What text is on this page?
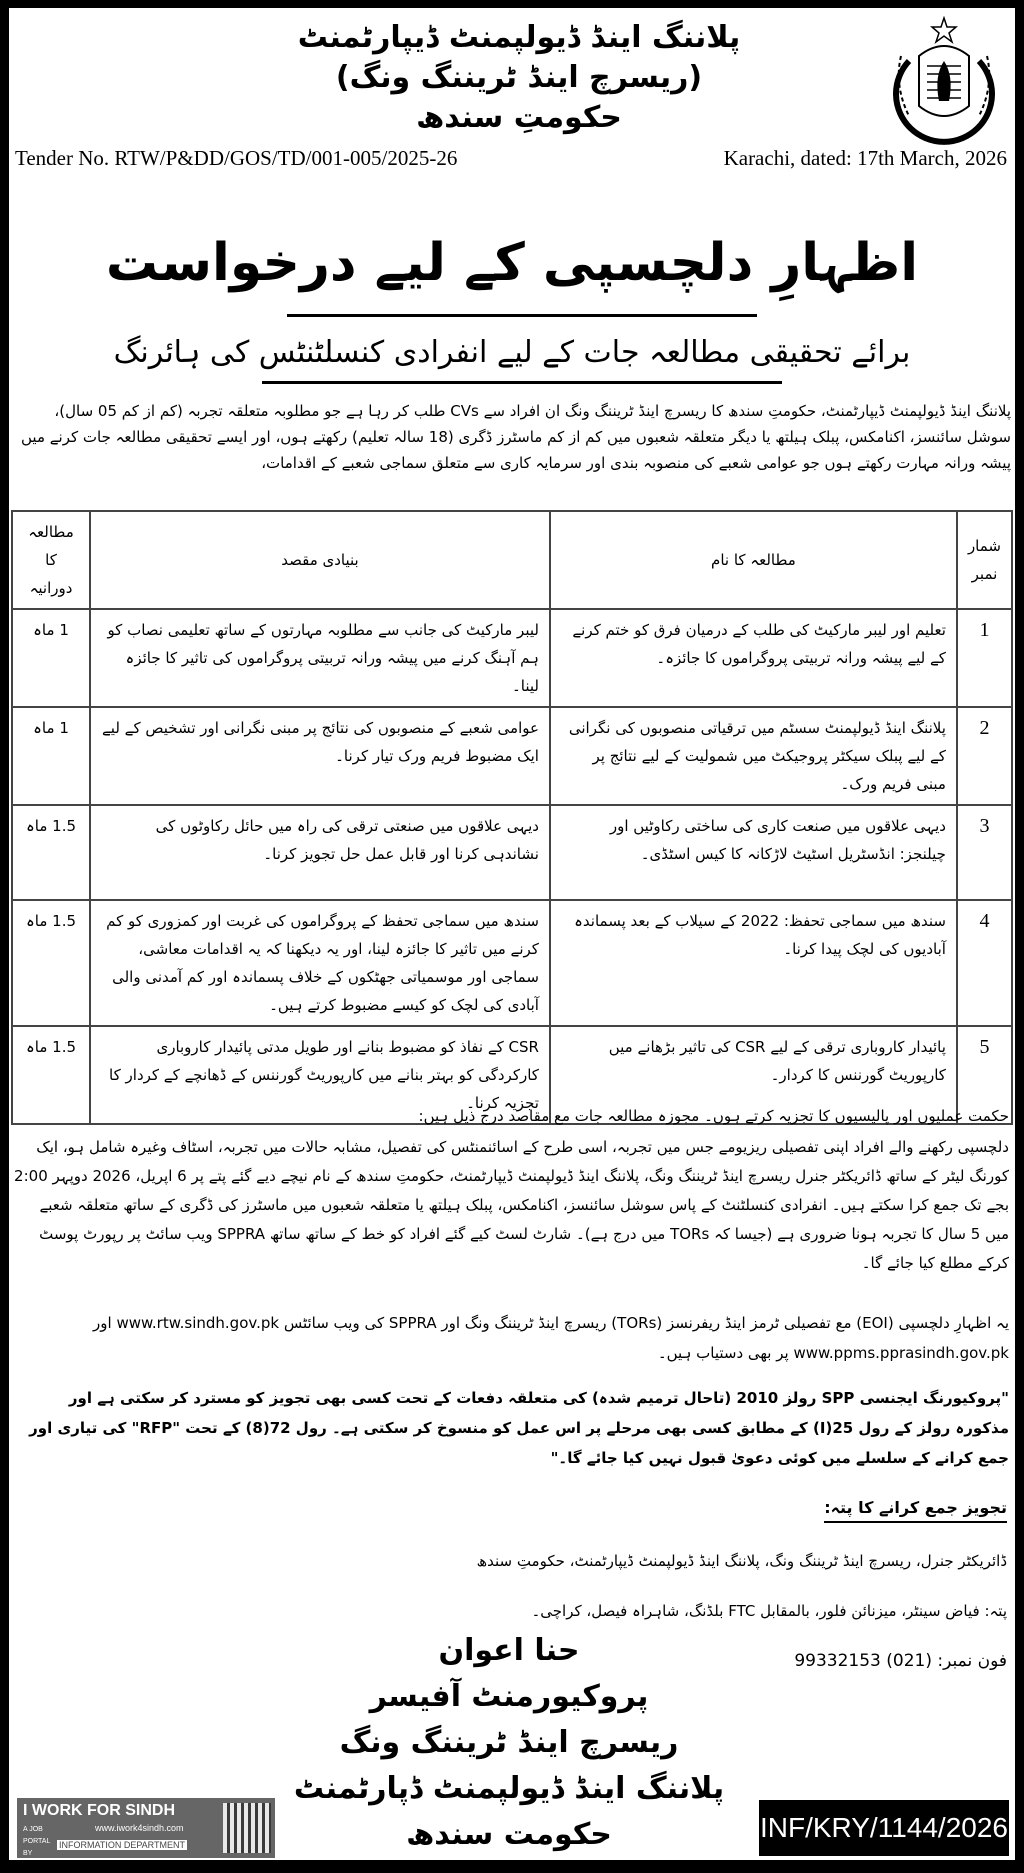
پلاننگ اینڈ ڈیولپمنٹ ڈیپارٹمنٹ
(ریسرچ اینڈ ٹریننگ ونگ)
حکومتِ سندھ
Tender No. RTW/P&DD/GOS/TD/001-005/2025-26	Karachi, dated: 17th March, 2026
اظہارِ دلچسپی کے لیے درخواست
برائے تحقیقی مطالعہ جات کے لیے انفرادی کنسلٹنٹس کی ہائرنگ
پلاننگ اینڈ ڈیولپمنٹ ڈیپارٹمنٹ، حکومتِ سندھ کا ریسرچ اینڈ ٹریننگ ونگ ان افراد سے CVs طلب کر رہا ہے جو مطلوبہ متعلقہ تجربہ (کم از کم 05 سال)، سوشل سائنسز، اکنامکس، پبلک ہیلتھ یا دیگر متعلقہ شعبوں میں کم از کم ماسٹرز ڈگری (18 سالہ تعلیم) رکھتے ہوں، اور ایسے تحقیقی مطالعہ جات کرنے میں پیشہ ورانہ مہارت رکھتے ہوں جو عوامی شعبے کی منصوبہ بندی اور سرمایہ کاری سے متعلق سماجی شعبے کے اقدامات،
شمار نمبر	مطالعہ کا نام	بنیادی مقصد	مطالعہ کا دورانیہ
1	تعلیم اور لیبر مارکیٹ کی طلب کے درمیان فرق کو ختم کرنے کے لیے پیشہ ورانہ تربیتی پروگراموں کا جائزہ۔	لیبر مارکیٹ کی جانب سے مطلوبہ مہارتوں کے ساتھ تعلیمی نصاب کو ہم آہنگ کرنے میں پیشہ ورانہ تربیتی پروگراموں کی تاثیر کا جائزہ لینا۔	1 ماہ
2	پلاننگ اینڈ ڈیولپمنٹ سسٹم میں ترقیاتی منصوبوں کی نگرانی کے لیے پبلک سیکٹر پروجیکٹ میں شمولیت کے لیے نتائج پر مبنی فریم ورک۔	عوامی شعبے کے منصوبوں کی نتائج پر مبنی نگرانی اور تشخیص کے لیے ایک مضبوط فریم ورک تیار کرنا۔	1 ماہ
3	دیہی علاقوں میں صنعت کاری کی ساختی رکاوٹیں اور چیلنجز: انڈسٹریل اسٹیٹ لاڑکانہ کا کیس اسٹڈی۔	دیہی علاقوں میں صنعتی ترقی کی راہ میں حائل رکاوٹوں کی نشاندہی کرنا اور قابل عمل حل تجویز کرنا۔	1.5 ماہ
4	سندھ میں سماجی تحفظ: 2022 کے سیلاب کے بعد پسماندہ آبادیوں کی لچک پیدا کرنا۔	سندھ میں سماجی تحفظ کے پروگراموں کی غربت اور کمزوری کو کم کرنے میں تاثیر کا جائزہ لینا، اور یہ دیکھنا کہ یہ اقدامات معاشی، سماجی اور موسمیاتی جھٹکوں کے خلاف پسماندہ اور کم آمدنی والی آبادی کی لچک کو کیسے مضبوط کرتے ہیں۔	1.5 ماہ
5	پائیدار کاروباری ترقی کے لیے CSR کی تاثیر بڑھانے میں کارپوریٹ گورننس کا کردار۔	CSR کے نفاذ کو مضبوط بنانے اور طویل مدتی پائیدار کاروباری کارکردگی کو بہتر بنانے میں کارپوریٹ گورننس کے ڈھانچے کے کردار کا تجزیہ کرنا۔	1.5 ماہ
حکمت عملیوں اور پالیسیوں کا تجزیہ کرتے ہوں۔ مجوزہ مطالعہ جات مع مقاصد درج ذیل ہیں:
دلچسپی رکھنے والے افراد اپنی تفصیلی ریزیومے جس میں تجربہ، اسی طرح کے اسائنمنٹس کی تفصیل، مشابہ حالات میں تجربہ، اسٹاف وغیرہ شامل ہو، ایک کورنگ لیٹر کے ساتھ ڈائریکٹر جنرل ریسرچ اینڈ ٹریننگ ونگ، پلاننگ اینڈ ڈیولپمنٹ ڈیپارٹمنٹ، حکومتِ سندھ کے نام نیچے دیے گئے پتے پر 6 اپریل، 2026 دوپہر 2:00 بجے تک جمع کرا سکتے ہیں۔ انفرادی کنسلٹنٹ کے پاس سوشل سائنسز، اکنامکس، پبلک ہیلتھ یا متعلقہ شعبوں میں ماسٹرز کی ڈگری کے ساتھ متعلقہ شعبے میں 5 سال کا تجربہ ہونا ضروری ہے (جیسا کہ TORs میں درج ہے)۔ شارٹ لسٹ کیے گئے افراد کو خط کے ساتھ ساتھ SPPRA ویب سائٹ پر رپورٹ پوسٹ کرکے مطلع کیا جائے گا۔
یہ اظہارِ دلچسپی (EOI) مع تفصیلی ٹرمز اینڈ ریفرنسز (TORs) ریسرچ اینڈ ٹریننگ ونگ اور SPPRA کی ویب سائٹس www.rtw.sindh.gov.pk اور www.ppms.pprasindh.gov.pk پر بھی دستیاب ہیں۔
"پروکیورنگ ایجنسی SPP رولز 2010 (تاحال ترمیم شدہ) کی متعلقہ دفعات کے تحت کسی بھی تجویز کو مسترد کر سکتی ہے اور مذکورہ رولز کے رول 25(I) کے مطابق کسی بھی مرحلے پر اس عمل کو منسوخ کر سکتی ہے۔ رول 72(8) کے تحت "RFP" کی تیاری اور جمع کرانے کے سلسلے میں کوئی دعویٰ قبول نہیں کیا جائے گا۔"
تجویز جمع کرانے کا پتہ:
ڈائریکٹر جنرل، ریسرچ اینڈ ٹریننگ ونگ، پلاننگ اینڈ ڈیولپمنٹ ڈیپارٹمنٹ، حکومتِ سندھ
پتہ: فیاض سینٹر، میزنائن فلور، بالمقابل FTC بلڈنگ، شاہراہ فیصل، کراچی۔
فون نمبر: (021) 99332153
حنا اعوان
پروکیورمنٹ آفیسر
ریسرچ اینڈ ٹریننگ ونگ
پلاننگ اینڈ ڈیولپمنٹ ڈپارٹمنٹ
حکومت سندھ
I WORK FOR SINDH
A JOB PORTAL BY
www.iwork4sindh.com
INFORMATION DEPARTMENT
INF/KRY/1144/2026
